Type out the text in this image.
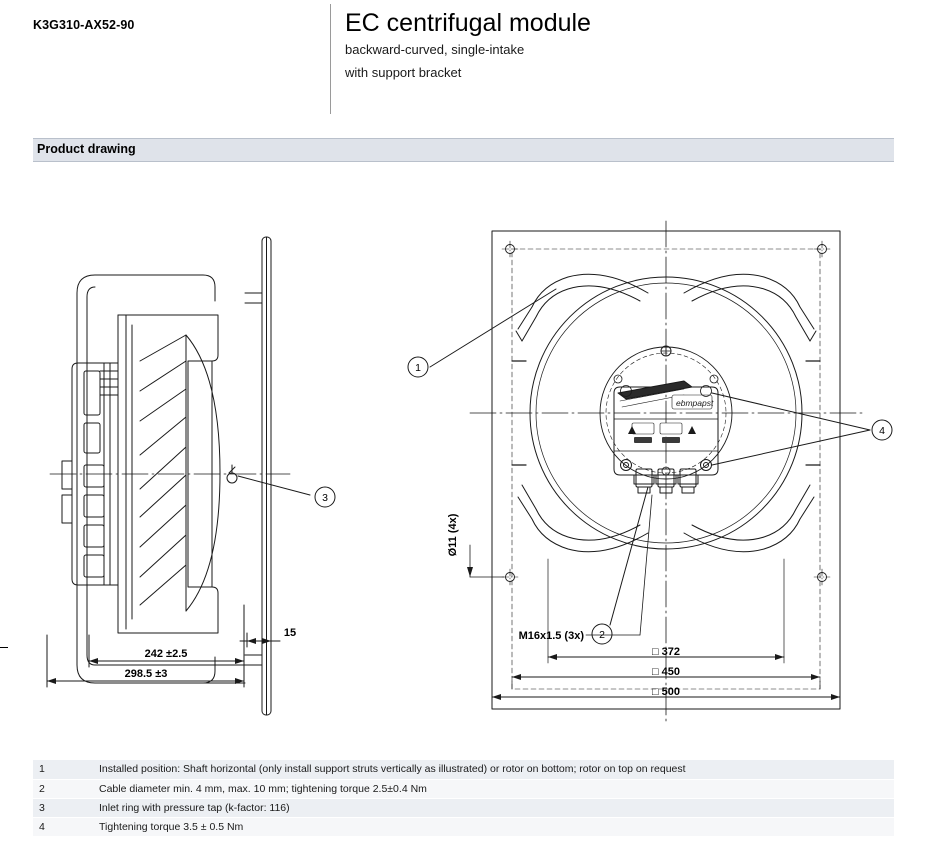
K3G310-AX52-90	EC centrifugal module
backward-curved, single-intake
with support bracket
Product drawing
ebmpapst
3
15
242 ±2.5
298.5 ±3
1
4
2
Ø11 (4x)
M16x1.5 (3x)
□ 372
□ 450
□ 500
1	Installed position: Shaft horizontal (only install support struts vertically as illustrated) or rotor on bottom; rotor on top on request
2	Cable diameter min. 4 mm, max. 10 mm; tightening torque 2.5±0.4 Nm
3	Inlet ring with pressure tap (k-factor: 116)
4	Tightening torque 3.5 ± 0.5 Nm
